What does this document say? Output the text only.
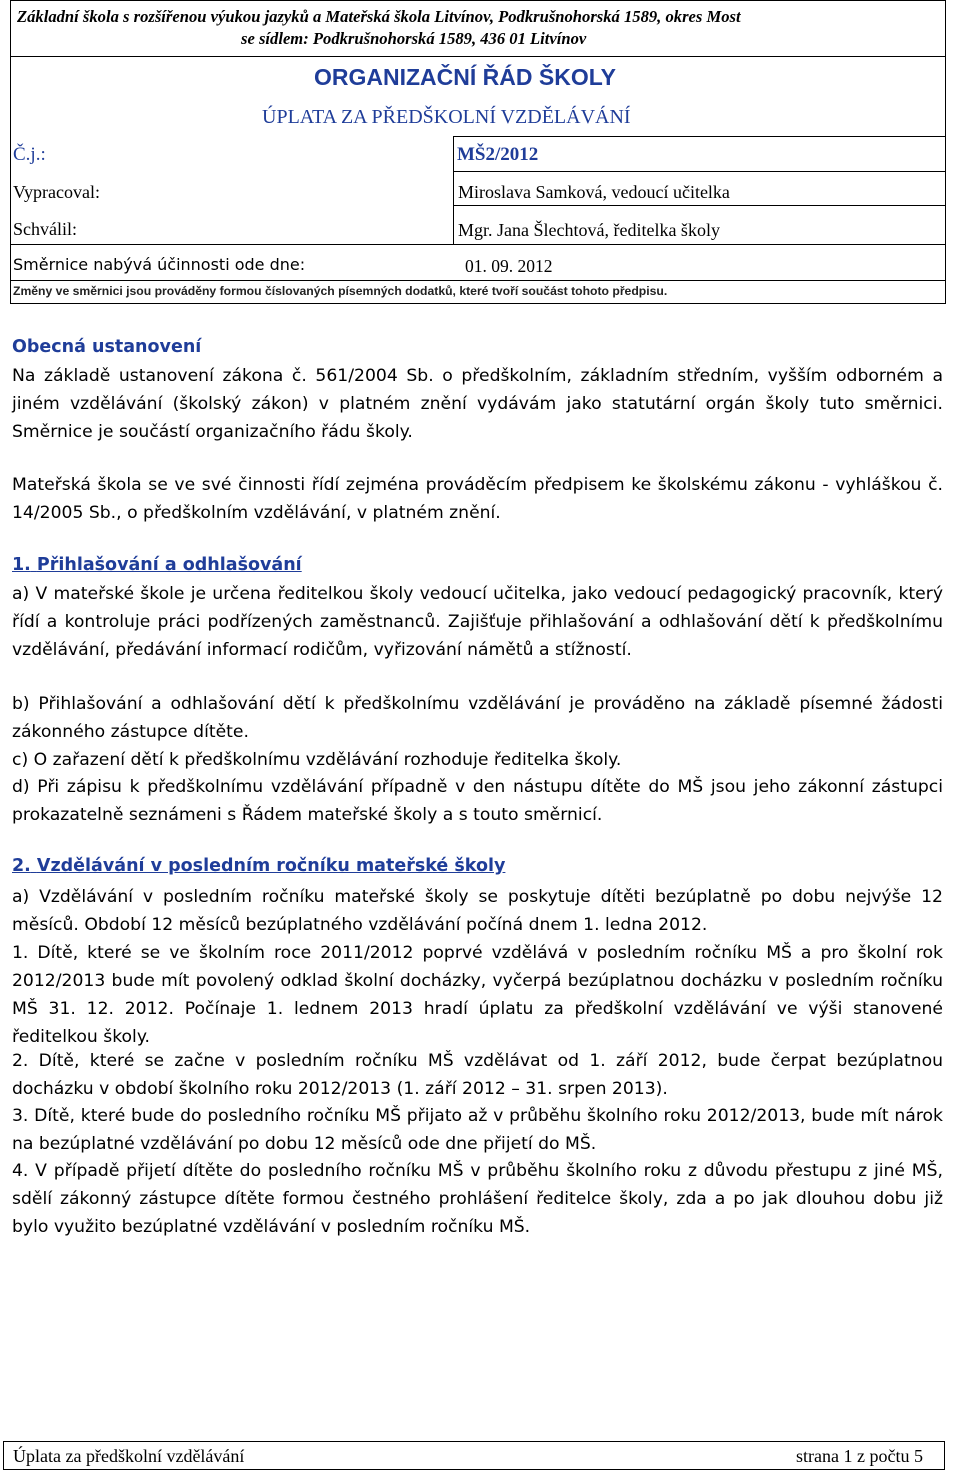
Základní škola s rozšířenou výukou jazyků a Mateřská škola Litvínov, Podkrušnohorská 1589, okres Most
se sídlem: Podkrušnohorská 1589, 436 01 Litvínov
ORGANIZAČNÍ ŘÁD ŠKOLY
ÚPLATA ZA PŘEDŠKOLNÍ VZDĚLÁVÁNÍ
Č.j.:	MŠ2/2012
Vypracoval:	Miroslava Samková, vedoucí učitelka
Schválil:	Mgr. Jana Šlechtová, ředitelka školy
Směrnice nabývá účinnosti ode dne:	01. 09. 2012
Změny ve směrnici jsou prováděny formou číslovaných písemných dodatků, které tvoří součást tohoto předpisu.
Obecná ustanovení

Na základě ustanovení zákona č. 561/2004 Sb. o předškolním, základním středním, vyšším odborném a jiném vzdělávání (školský zákon) v platném znění vydávám jako statutární orgán školy tuto směrnici. Směrnice je součástí organizačního řádu školy.

Mateřská škola se ve své činnosti řídí zejména prováděcím předpisem ke školskému zákonu - vyhláškou č. 14/2005 Sb., o předškolním vzdělávání, v platném znění.

1. Přihlašování a odhlašování

a) V mateřské škole je určena ředitelkou školy vedoucí učitelka, jako vedoucí pedagogický pracovník, který řídí a kontroluje práci podřízených zaměstnanců. Zajišťuje přihlašování a odhlašování dětí k předškolnímu vzdělávání, předávání informací rodičům, vyřizování námětů a stížností.

b) Přihlašování a odhlašování dětí k předškolnímu vzdělávání je prováděno na základě písemné žádosti zákonného zástupce dítěte.

c) O zařazení dětí k předškolnímu vzdělávání rozhoduje ředitelka školy.

d) Při zápisu k předškolnímu vzdělávání případně v den nástupu dítěte do MŠ jsou jeho zákonní zástupci prokazatelně seznámeni s Řádem mateřské školy a s touto směrnicí.

2. Vzdělávání v posledním ročníku mateřské školy

a) Vzdělávání v posledním ročníku mateřské školy se poskytuje dítěti bezúplatně po dobu nejvýše 12 měsíců. Období 12 měsíců bezúplatného vzdělávání počíná dnem 1. ledna 2012.

1. Dítě, které se ve školním roce 2011/2012 poprvé vzdělává v posledním ročníku MŠ a pro školní rok 2012/2013 bude mít povolený odklad školní docházky, vyčerpá bezúplatnou docházku v posledním ročníku MŠ 31. 12. 2012. Počínaje 1. lednem 2013 hradí úplatu za předškolní vzdělávání ve výši stanovené ředitelkou školy.

2. Dítě, které se začne v posledním ročníku MŠ vzdělávat od 1. září 2012, bude čerpat bezúplatnou docházku v období školního roku 2012/2013 (1. září 2012 – 31. srpen 2013).

3. Dítě, které bude do posledního ročníku MŠ přijato až v průběhu školního roku 2012/2013, bude mít nárok na bezúplatné vzdělávání po dobu 12 měsíců ode dne přijetí do MŠ.

4. V případě přijetí dítěte do posledního ročníku MŠ v průběhu školního roku z důvodu přestupu z jiné MŠ, sdělí zákonný zástupce dítěte formou čestného prohlášení ředitelce školy, zda a po jak dlouhou dobu již bylo využito bezúplatné vzdělávání v posledním ročníku MŠ.

Úplata za předškolní vzdělávání	strana 1 z počtu 5
